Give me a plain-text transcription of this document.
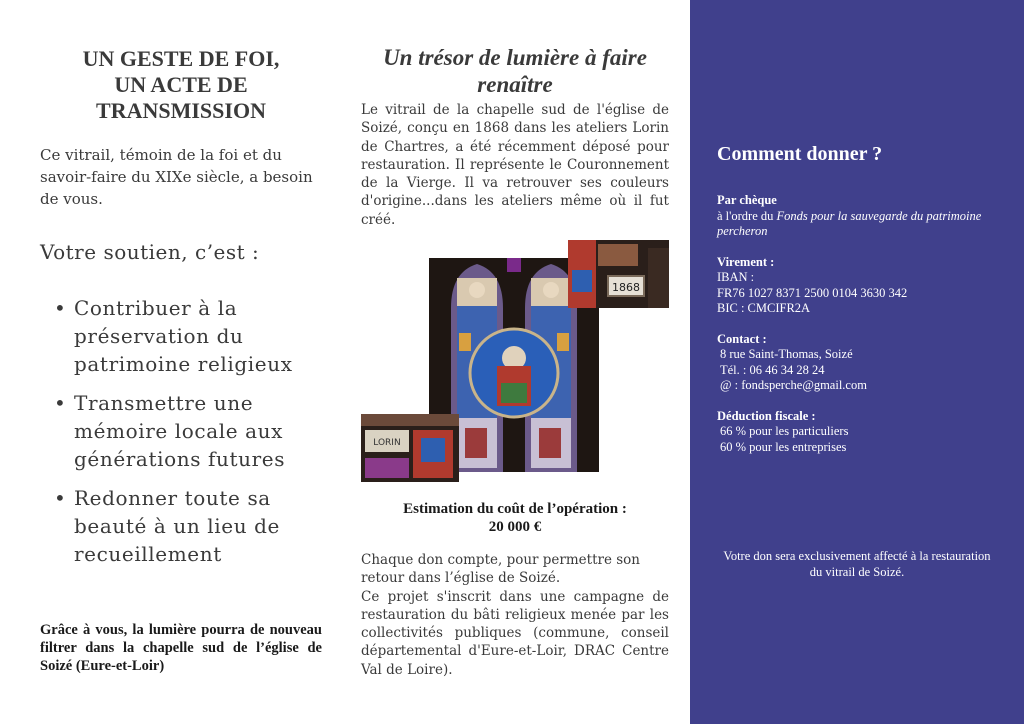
UN GESTE DE FOI,
UN ACTE DE
TRANSMISSION

Ce vitrail, témoin de la foi et du savoir-faire du XIXe siècle, a besoin de vous.

Votre soutien, c’est :

• Contribuer à la préservation du patrimoine religieux
• Transmettre une mémoire locale aux générations futures
• Redonner toute sa beauté à un lieu de recueillement

Grâce à vous, la lumière pourra de nouveau filtrer dans la chapelle sud de l’église de Soizé (Eure-et-Loir)

Un trésor de lumière à faire renaître

Le vitrail de la chapelle sud de l'église de Soizé, conçu en 1868 dans les ateliers Lorin de Chartres, a été récemment déposé pour restauration. Il représente le Couronnement de la Vierge. Il va retrouver ses couleurs d'origine...dans les ateliers même où il fut créé.

1868
LORIN

Estimation du coût de l’opération :
20 000 €

Chaque don compte, pour permettre son retour dans l’église de Soizé.

Ce projet s'inscrit dans une campagne de restauration du bâti religieux menée par les collectivités publiques (commune, conseil départemental d'Eure-et-Loir, DRAC Centre Val de Loire).

Comment donner ?
Par chèque
à l'ordre du Fonds pour la sauvegarde du patrimoine percheron
Virement :
IBAN :
FR76 1027 8371 2500 0104 3630 342
BIC : CMCIFR2A
Contact :
8 rue Saint-Thomas, Soizé
Tél. : 06 46 34 28 24
@ : fondsperche@gmail.com
Déduction fiscale :
66 % pour les particuliers
60 % pour les entreprises

Votre don sera exclusivement affecté à la restauration du vitrail de Soizé.
